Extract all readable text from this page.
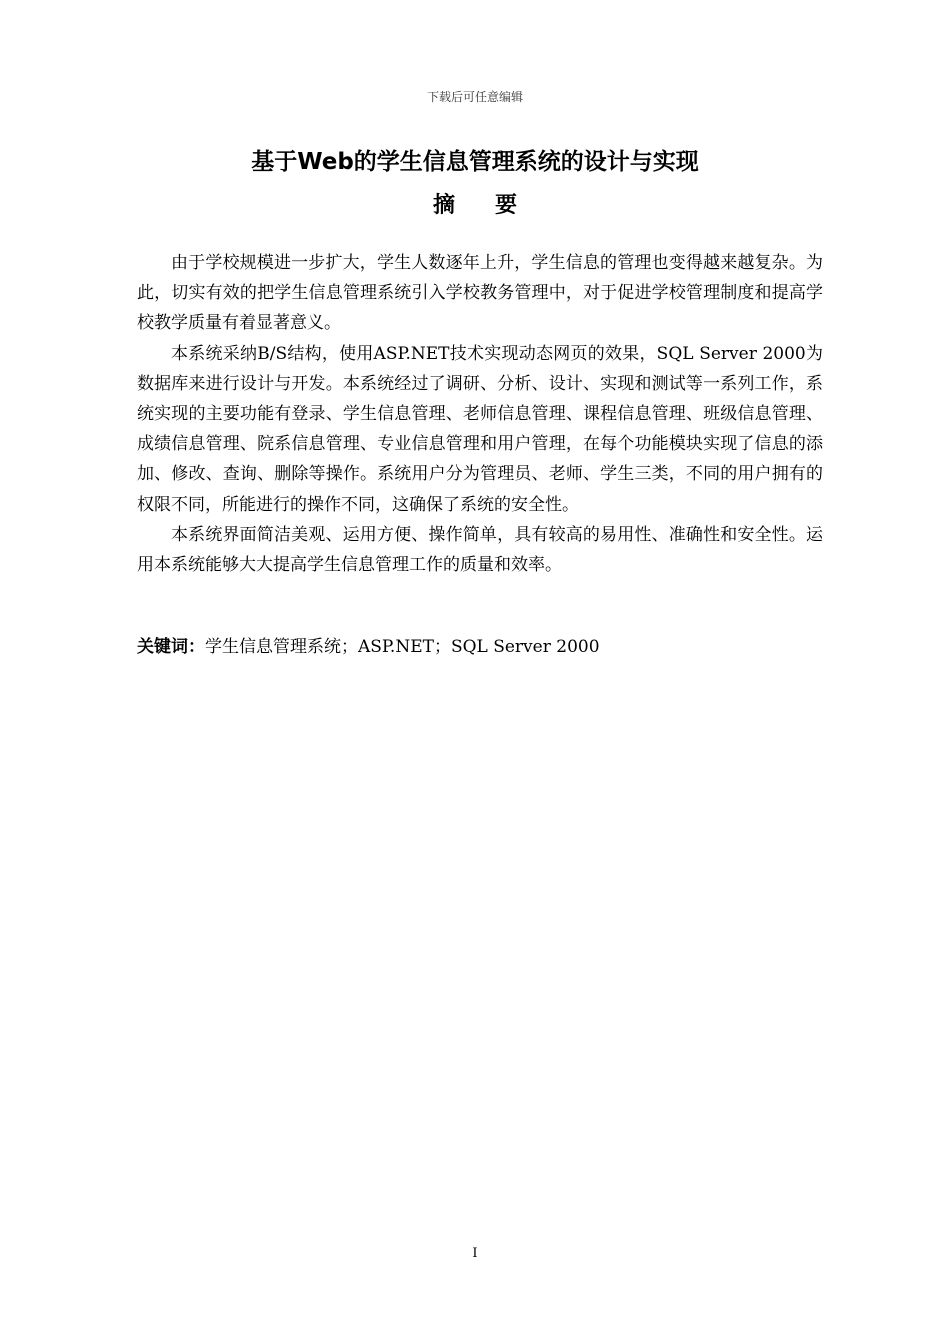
下载后可任意编辑
基于Web的学生信息管理系统的设计与实现
摘要

由于学校规模进一步扩大，学生人数逐年上升，学生信息的管理也变得越来越复杂。为此，切实有效的把学生信息管理系统引入学校教务管理中，对于促进学校管理制度和提高学校教学质量有着显著意义。

本系统采纳B/S结构，使用ASP.NET技术实现动态网页的效果，SQL Server 2000为数据库来进行设计与开发。本系统经过了调研、分析、设计、实现和测试等一系列工作，系统实现的主要功能有登录、学生信息管理、老师信息管理、课程信息管理、班级信息管理、成绩信息管理、院系信息管理、专业信息管理和用户管理，在每个功能模块实现了信息的添加、修改、查询、删除等操作。系统用户分为管理员、老师、学生三类，不同的用户拥有的权限不同，所能进行的操作不同，这确保了系统的安全性。

本系统界面简洁美观、运用方便、操作简单，具有较高的易用性、准确性和安全性。运用本系统能够大大提高学生信息管理工作的质量和效率。

关键词：学生信息管理系统；ASP.NET；SQL Server 2000
I
